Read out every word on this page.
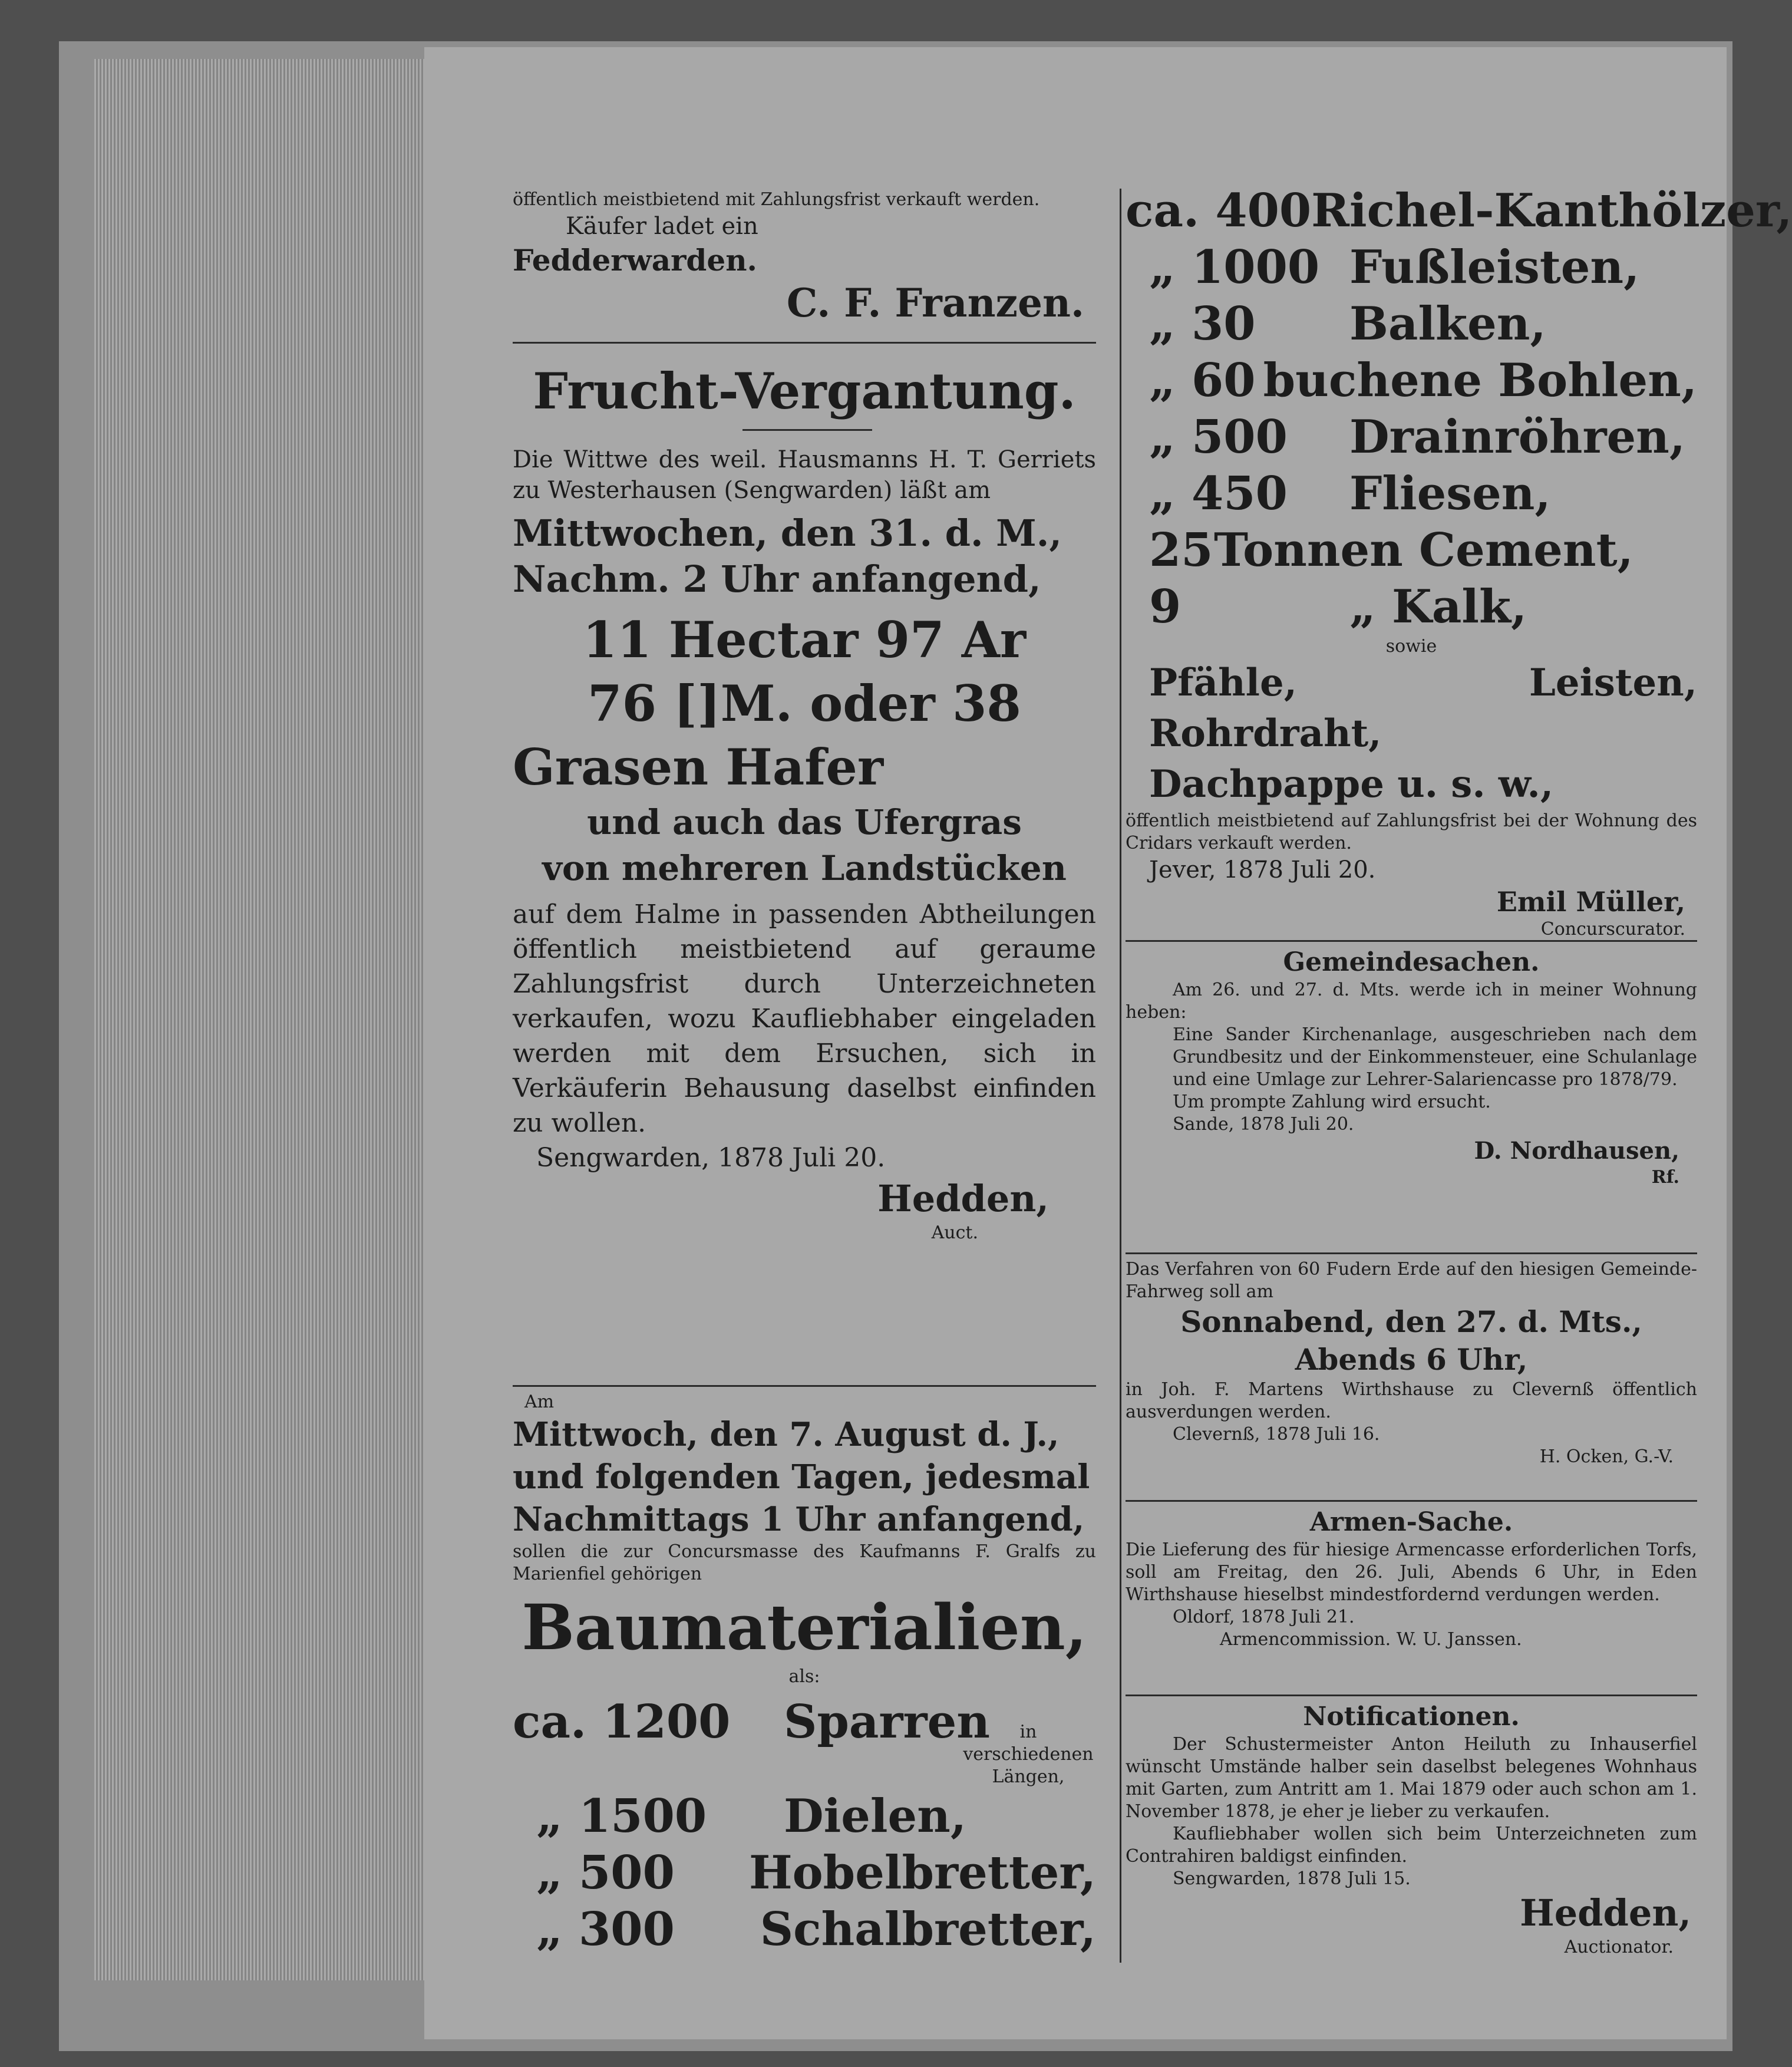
öffentlich meistbietend mit Zahlungsfrist verkauft werden.

Käufer ladet ein

Fedderwarden.

C. F. Franzen.

Frucht-Vergantung.

Die Wittwe des weil. Hausmanns H. T. Gerriets zu Westerhausen (Sengwarden) läßt am

Mittwochen, den 31. d. M.,

Nachm. 2 Uhr anfangend,

11 Hectar 97 Ar

76 []M. oder 38

Grasen Hafer

und auch das Ufergras

von mehreren Landstücken

auf dem Halme in passenden Abtheilungen öffentlich meistbietend auf geraume Zahlungsfrist durch Unterzeichneten verkaufen, wozu Kaufliebhaber eingeladen werden mit dem Ersuchen, sich in Verkäuferin Behausung daselbst einfinden zu wollen.

Sengwarden, 1878 Juli 20.

Hedden,

Auct.

Am

Mittwoch, den 7. August d. J.,

und folgenden Tagen, jedesmal

Nachmittags 1 Uhr anfangend,

sollen die zur Concursmasse des Kaufmanns F. Gralfs zu Marienfiel gehörigen

Baumaterialien,

als:

ca. 1200	Sparren	in verschiedenen Längen,
„ 1500	Dielen,
„ 500	Hobelbretter,
„ 300	Schalbretter,
ca. 400 Richel-Kanthölzer,
„ 1000 Fußleisten,
„ 30	Balken,
„ 60 buchene Bohlen,
„ 500	Drainröhren,
„ 450	Fliesen,
25 Tonnen Cement,
9	„ Kalk,

sowie

Pfähle, Leisten, Rohrdraht,

Dachpappe u. s. w.,

öffentlich meistbietend auf Zahlungsfrist bei der Wohnung des Cridars verkauft werden.

Jever, 1878 Juli 20.

Emil Müller,

Concurscurator.

Gemeindesachen.

Am 26. und 27. d. Mts. werde ich in meiner Wohnung heben:

Eine Sander Kirchenanlage, ausgeschrieben nach dem Grundbesitz und der Einkommensteuer, eine Schulanlage und eine Umlage zur Lehrer-Salariencasse pro 1878/79.

Um prompte Zahlung wird ersucht.

Sande, 1878 Juli 20.

D. Nordhausen,

Rf.

Das Verfahren von 60 Fudern Erde auf den hiesigen Gemeinde-Fahrweg soll am

Sonnabend, den 27. d. Mts.,

Abends 6 Uhr,

in Joh. F. Martens Wirthshause zu Clevernß öffentlich ausverdungen werden.

Clevernß, 1878 Juli 16.

H. Ocken, G.-V.

Armen-Sache.

Die Lieferung des für hiesige Armencasse erforderlichen Torfs, soll am Freitag, den 26. Juli, Abends 6 Uhr, in Eden Wirthshause hieselbst mindestfordernd verdungen werden.

Oldorf, 1878 Juli 21.

Armencommission. W. U. Janssen.

Notificationen.

Der Schustermeister Anton Heiluth zu Inhauserfiel wünscht Umstände halber sein daselbst belegenes Wohnhaus mit Garten, zum Antritt am 1. Mai 1879 oder auch schon am 1. November 1878, je eher je lieber zu verkaufen.

Kaufliebhaber wollen sich beim Unterzeichneten zum Contrahiren baldigst einfinden.

Sengwarden, 1878 Juli 15.

Hedden,

Auctionator.
